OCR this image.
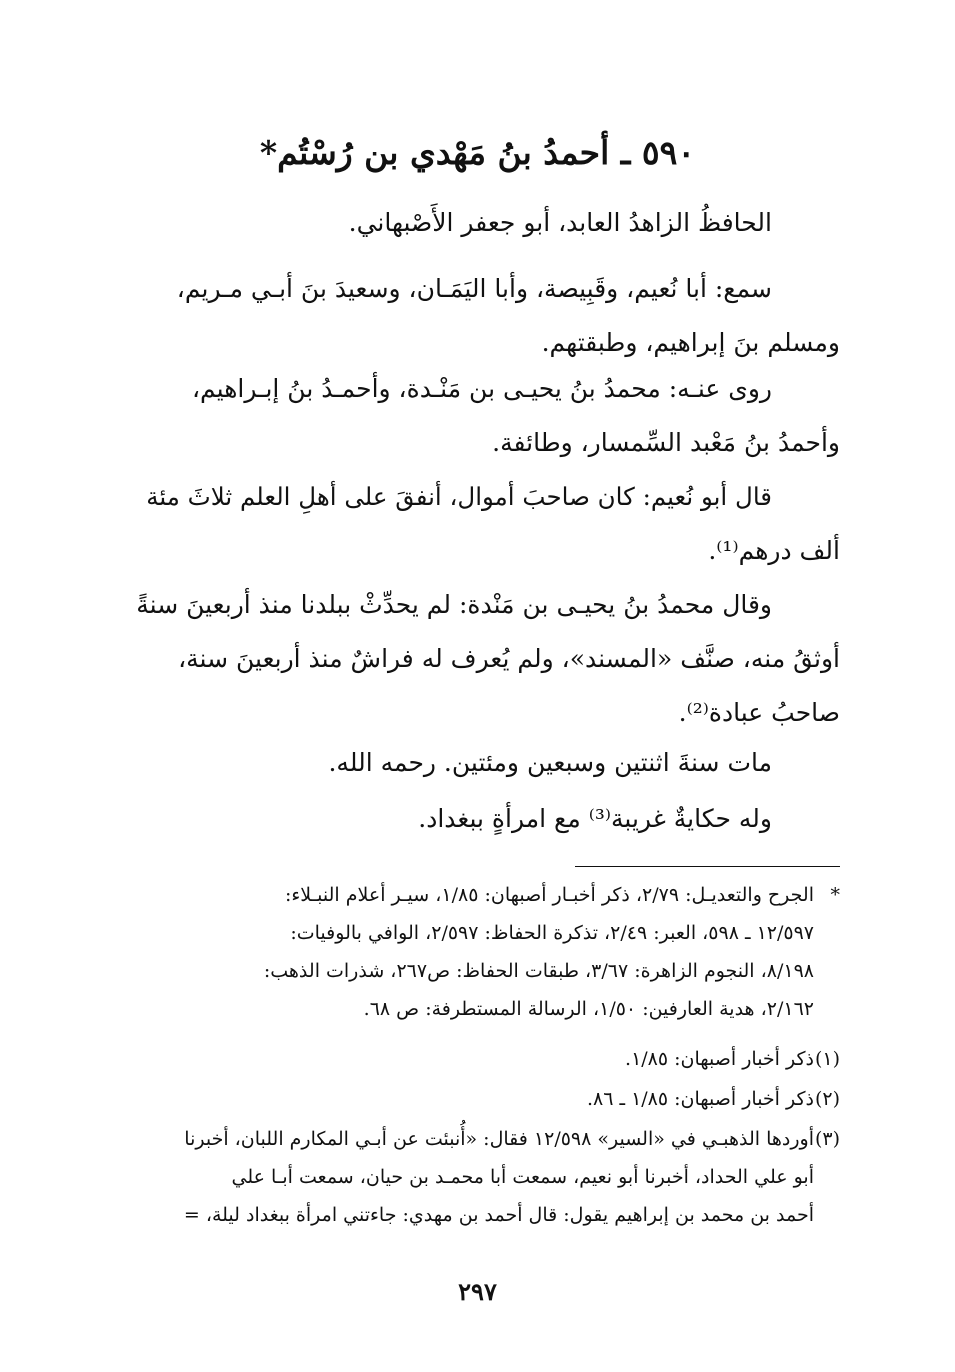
٥٩٠ ـ أحمدُ بنُ مَهْدي بن رُسْتُم*
الحافظُ الزاهدُ العابد، أبو جعفر الأَصْبهاني.
سمع: أبا نُعيم، وقَبِيصة، وأبا اليَمَـان، وسعيدَ بنَ أبـي مـريم،
ومسلم بنَ إبراهيم، وطبقتهم.
روى عنـه: محمدُ بنُ يحيـى بن مَنْـدة، وأحمـدُ بنُ إبـراهيم،
وأحمدُ بنُ مَعْبد السِّمسار، وطائفة.
قال أبو نُعيم: كان صاحبَ أموال، أنفقَ على أهلِ العلم ثلاثَ مئة
ألف درهم⁽¹⁾.
وقال محمدُ بنُ يحيـى بن مَنْدة: لم يحدِّثْ ببلدنا منذ أربعينَ سنةً
أوثقُ منه، صنَّف «المسند»، ولم يُعرف له فراشٌ منذ أربعينَ سنة،
صاحبُ عبادة⁽²⁾.
مات سنةَ اثنتين وسبعين ومئتين. رحمه الله.
وله حكايةٌ غريبة⁽³⁾ مع امرأةٍ ببغداد.
*الجرح والتعديـل: ٢/٧٩، ذكر أخبـار أصبهان: ١/٨٥، سيـر أعلام النبـلاء:
١٢/٥٩٧ ـ ٥٩٨، العبر: ٢/٤٩، تذكرة الحفاظ: ٢/٥٩٧، الوافي بالوفيات:
٨/١٩٨، النجوم الزاهرة: ٣/٦٧، طبقات الحفاظ: ص٢٦٧، شذرات الذهب:
٢/١٦٢، هدية العارفين: ١/٥٠، الرسالة المستطرفة: ص ٦٨.
(١)ذكر أخبار أصبهان: ١/٨٥.
(٢)ذكر أخبار أصبهان: ١/٨٥ ـ ٨٦.
(٣)أوردها الذهبـي في «السير» ١٢/٥٩٨ فقال: «أُنبئت عن أبـي المكارم اللبان، أخبرنا
أبو علي الحداد، أخبرنا أبو نعيم، سمعت أبا محمـد بن حيان، سمعت أبـا علي
أحمد بن محمد بن إبراهيم يقول: قال أحمد بن مهدي: جاءتني امرأة ببغداد ليلة، =
٢٩٧
